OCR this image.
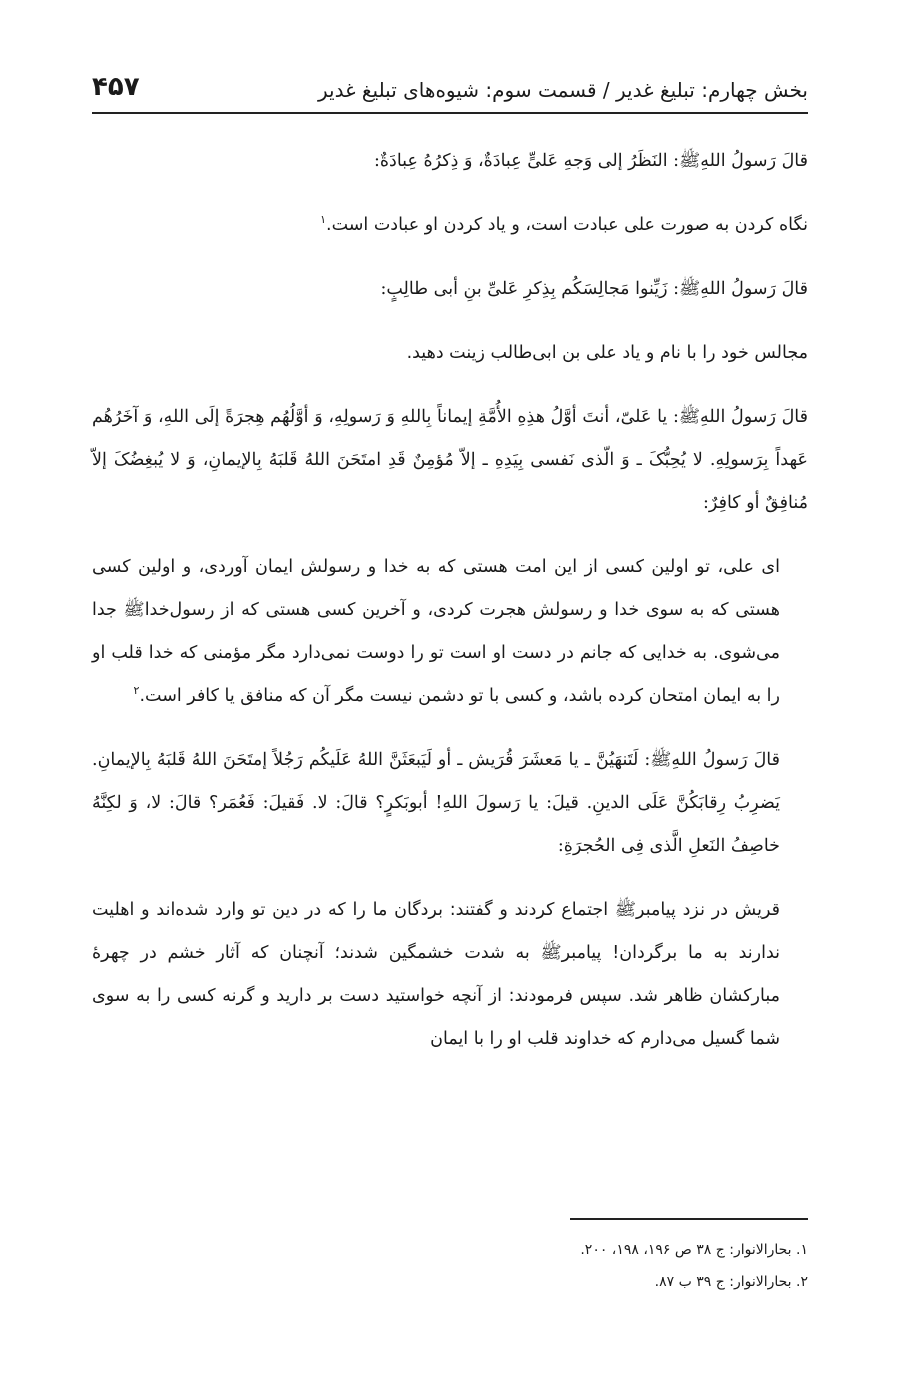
بخش چهارم: تبلیغ غدیر / قسمت سوم: شیوه‌های تبلیغ غدیر
۴۵۷

قالَ رَسولُ اللهِﷺ: النَظَرُ إلی وَجهِ عَلیٍّ عِبادَةٌ، وَ ذِکرُهُ عِبادَةٌ:

نگاه کردن به صورت علی عبادت است، و یاد کردن او عبادت است.$^۱$

قالَ رَسولُ اللهِﷺ: زَیِّنوا مَجالِسَکُم بِذِکرِ عَلیِّ بنِ أبی طالِبٍ:

مجالس خود را با نام و یاد علی بن ابی‌طالب زینت دهید.

قالَ رَسولُ اللهِﷺ: یا عَلیّ، أنتَ أوَّلُ هذِهِ الأُمَّةِ إیماناً بِاللهِ وَ رَسولِهِ، وَ أوَّلُهُم هِجرَةً إلَی اللهِ، وَ آخَرُهُم عَهداً بِرَسولِهِ. لا یُحِبُّکَ ـ وَ الّذی نَفسی بِیَدِهِ ـ إلاّ مُؤمِنٌ قَدِ امتَحَنَ اللهُ قَلبَهُ بِالإیمانِ، وَ لا یُبغِضُکَ إلاّ مُنافِقٌ أو کافِرٌ:

ای علی، تو اولین کسی از این امت هستی که به خدا و رسولش ایمان آوردی، و اولین کسی هستی که به سوی خدا و رسولش هجرت کردی، و آخرین کسی هستی که از رسول‌خداﷺ جدا می‌شوی. به خدایی که جانم در دست او است تو را دوست نمی‌دارد مگر مؤمنی که خدا قلب او را به ایمان امتحان کرده باشد، و کسی با تو دشمن نیست مگر آن که منافق یا کافر است.$^۲$

قالَ رَسولُ اللهِﷺ: لَتَنهَیُنَّ ـ یا مَعشَرَ قُرَیش ـ أو لَیَبعَثَنَّ اللهُ عَلَیکُم رَجُلاً إمتَحَنَ اللهُ قَلبَهُ بِالإیمانِ. یَضرِبُ رِقابَکُنَّ عَلَی الدینِ. قیلَ: یا رَسولَ اللهِ! أبوبَکرٍ؟ قالَ: لا. فَقیلَ: فَعُمَر؟ قالَ: لا، وَ لکِنَّهُ خاصِفُ النَعلِ الَّذی فِی الحُجرَةِ:

قریش در نزد پیامبرﷺ اجتماع کردند و گفتند: بردگان ما را که در دین تو وارد شده‌اند و اهلیت ندارند به ما برگردان! پیامبرﷺ به شدت خشمگین شدند؛ آنچنان که آثار خشم در چهرهٔ مبارکشان ظاهر شد. سپس فرمودند: از آنچه خواستید دست بر دارید و گرنه کسی را به سوی شما گسیل می‌دارم که خداوند قلب او را با ایمان

۱. بحارالانوار: ج ۳۸ ص ۱۹۶، ۱۹۸، ۲۰۰.
۲. بحارالانوار: ج ۳۹ ب ۸۷.
